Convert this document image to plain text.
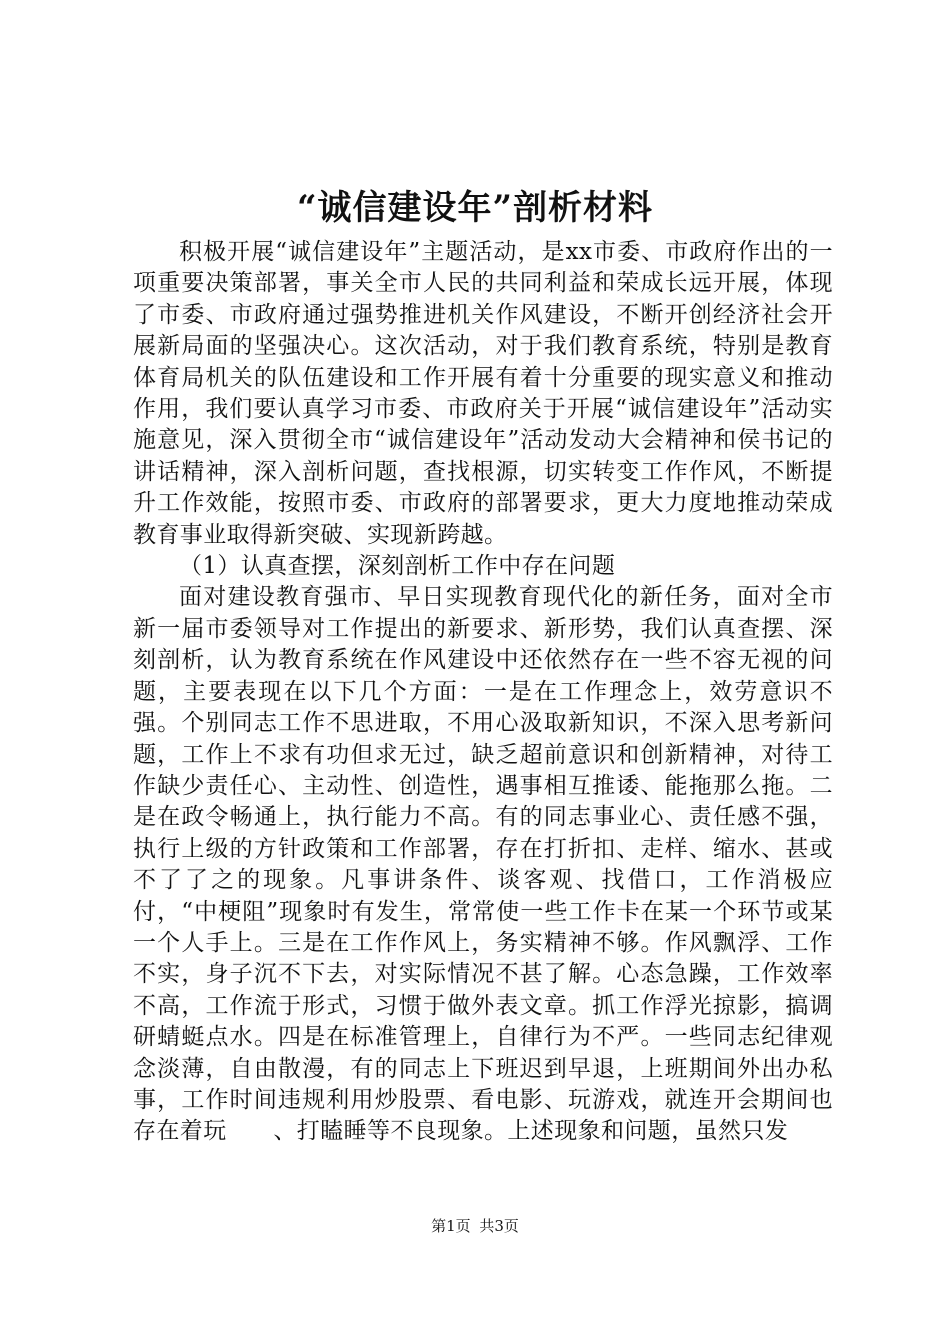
“诚信建设年”剖析材料

积极开展“诚信建设年”主题活动，是xx市委、市政府作出的一项重要决策部署，事关全市人民的共同利益和荣成长远开展，体现了市委、市政府通过强势推进机关作风建设，不断开创经济社会开展新局面的坚强决心。这次活动，对于我们教育系统，特别是教育体育局机关的队伍建设和工作开展有着十分重要的现实意义和推动作用，我们要认真学习市委、市政府关于开展“诚信建设年”活动实施意见，深入贯彻全市“诚信建设年”活动发动大会精神和侯书记的讲话精神，深入剖析问题，查找根源，切实转变工作作风，不断提升工作效能，按照市委、市政府的部署要求，更大力度地推动荣成教育事业取得新突破、实现新跨越。

（1）认真查摆，深刻剖析工作中存在问题

面对建设教育强市、早日实现教育现代化的新任务，面对全市新一届市委领导对工作提出的新要求、新形势，我们认真查摆、深刻剖析，认为教育系统在作风建设中还依然存在一些不容无视的问题，主要表现在以下几个方面：一是在工作理念上，效劳意识不强。个别同志工作不思进取，不用心汲取新知识，不深入思考新问题，工作上不求有功但求无过，缺乏超前意识和创新精神，对待工作缺少责任心、主动性、创造性，遇事相互推诿、能拖那么拖。二是在政令畅通上，执行能力不高。有的同志事业心、责任感不强，执行上级的方针政策和工作部署，存在打折扣、走样、缩水、甚或不了了之的现象。凡事讲条件、谈客观、找借口，工作消极应付，“中梗阻”现象时有发生，常常使一些工作卡在某一个环节或某一个人手上。三是在工作作风上，务实精神不够。作风飘浮、工作不实，身子沉不下去，对实际情况不甚了解。心态急躁，工作效率不高，工作流于形式，习惯于做外表文章。抓工作浮光掠影，搞调研蜻蜓点水。四是在标准管理上，自律行为不严。一些同志纪律观念淡薄，自由散漫，有的同志上下班迟到早退，上班期间外出办私事，工作时间违规利用炒股票、看电影、玩游戏，就连开会期间也存在着玩　　、打瞌睡等不良现象。上述现象和问题，虽然只发

第1页 共3页
